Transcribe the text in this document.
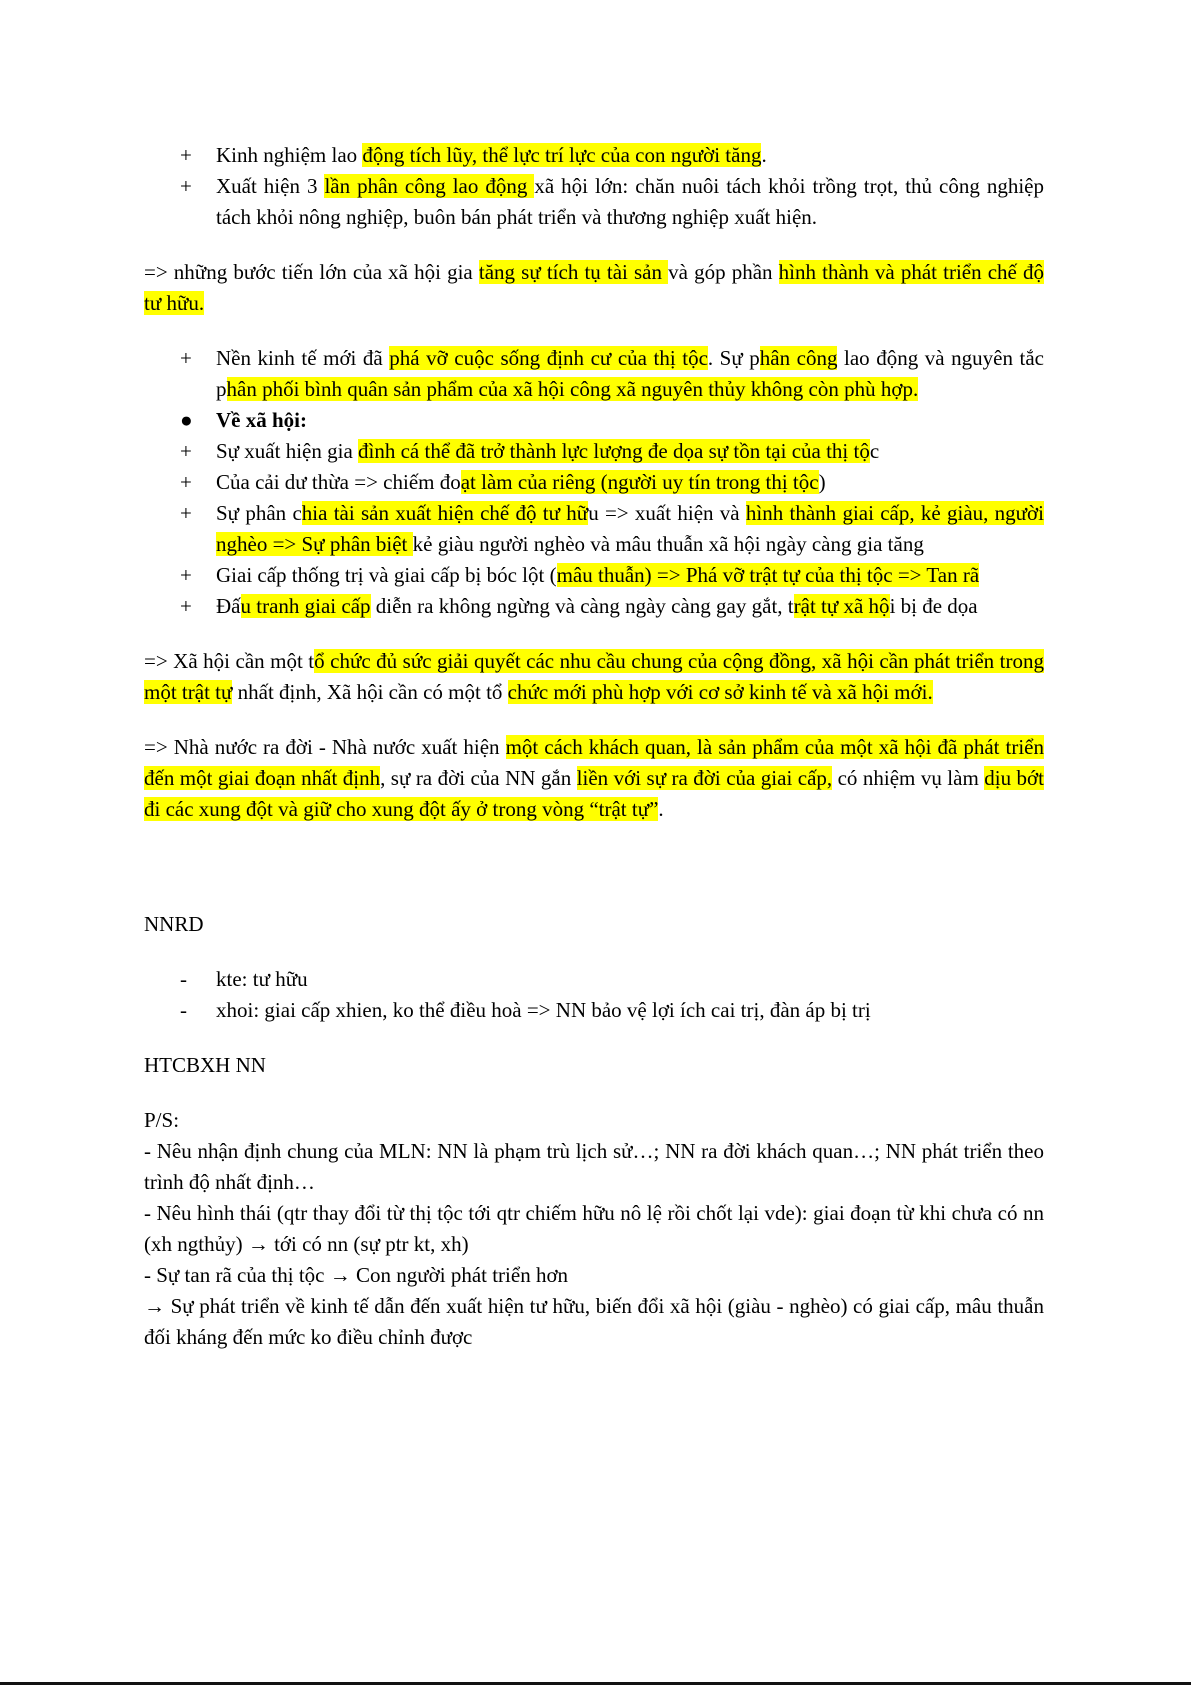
+	Kinh nghiệm lao động tích lũy, thể lực trí lực của con người tăng.
+	Xuất hiện 3 lần phân công lao động xã hội lớn: chăn nuôi tách khỏi trồng trọt, thủ công nghiệp tách khỏi nông nghiệp, buôn bán phát triển và thương nghiệp xuất hiện.
=> những bước tiến lớn của xã hội gia tăng sự tích tụ tài sản và góp phần hình thành và phát triển chế độ tư hữu.
+	Nền kinh tế mới đã phá vỡ cuộc sống định cư của thị tộc. Sự phân công lao động và nguyên tắc phân phối bình quân sản phẩm của xã hội công xã nguyên thủy không còn phù hợp.
●	Về xã hội:
+	Sự xuất hiện gia đình cá thể đã trở thành lực lượng đe dọa sự tồn tại của thị tộc
+	Của cải dư thừa => chiếm đoạt làm của riêng (người uy tín trong thị tộc)
+	Sự phân chia tài sản xuất hiện chế độ tư hữu => xuất hiện và hình thành giai cấp, kẻ giàu, người nghèo => Sự phân biệt kẻ giàu người nghèo và mâu thuẫn xã hội ngày càng gia tăng
+	Giai cấp thống trị và giai cấp bị bóc lột (mâu thuẫn) => Phá vỡ trật tự của thị tộc => Tan rã
+	Đấu tranh giai cấp diễn ra không ngừng và càng ngày càng gay gắt, trật tự xã hội bị đe dọa
=> Xã hội cần một tổ chức đủ sức giải quyết các nhu cầu chung của cộng đồng, xã hội cần phát triển trong một trật tự nhất định, Xã hội cần có một tổ chức mới phù hợp với cơ sở kinh tế và xã hội mới.
=> Nhà nước ra đời - Nhà nước xuất hiện một cách khách quan, là sản phẩm của một xã hội đã phát triển đến một giai đoạn nhất định, sự ra đời của NN gắn liền với sự ra đời của giai cấp, có nhiệm vụ làm dịu bớt đi các xung đột và giữ cho xung đột ấy ở trong vòng “trật tự”.
NNRD
-	kte: tư hữu
-	xhoi: giai cấp xhien, ko thể điều hoà => NN bảo vệ lợi ích cai trị, đàn áp bị trị
HTCBXH NN
P/S:
- Nêu nhận định chung của MLN: NN là phạm trù lịch sử…; NN ra đời khách quan…; NN phát triển theo trình độ nhất định…
- Nêu hình thái (qtr thay đổi từ thị tộc tới qtr chiếm hữu nô lệ rồi chốt lại vde): giai đoạn từ khi chưa có nn (xh ngthủy) → tới có nn (sự ptr kt, xh)
- Sự tan rã của thị tộc → Con người phát triển hơn
→ Sự phát triển về kinh tế dẫn đến xuất hiện tư hữu, biến đổi xã hội (giàu - nghèo) có giai cấp, mâu thuẫn đối kháng đến mức ko điều chỉnh được
